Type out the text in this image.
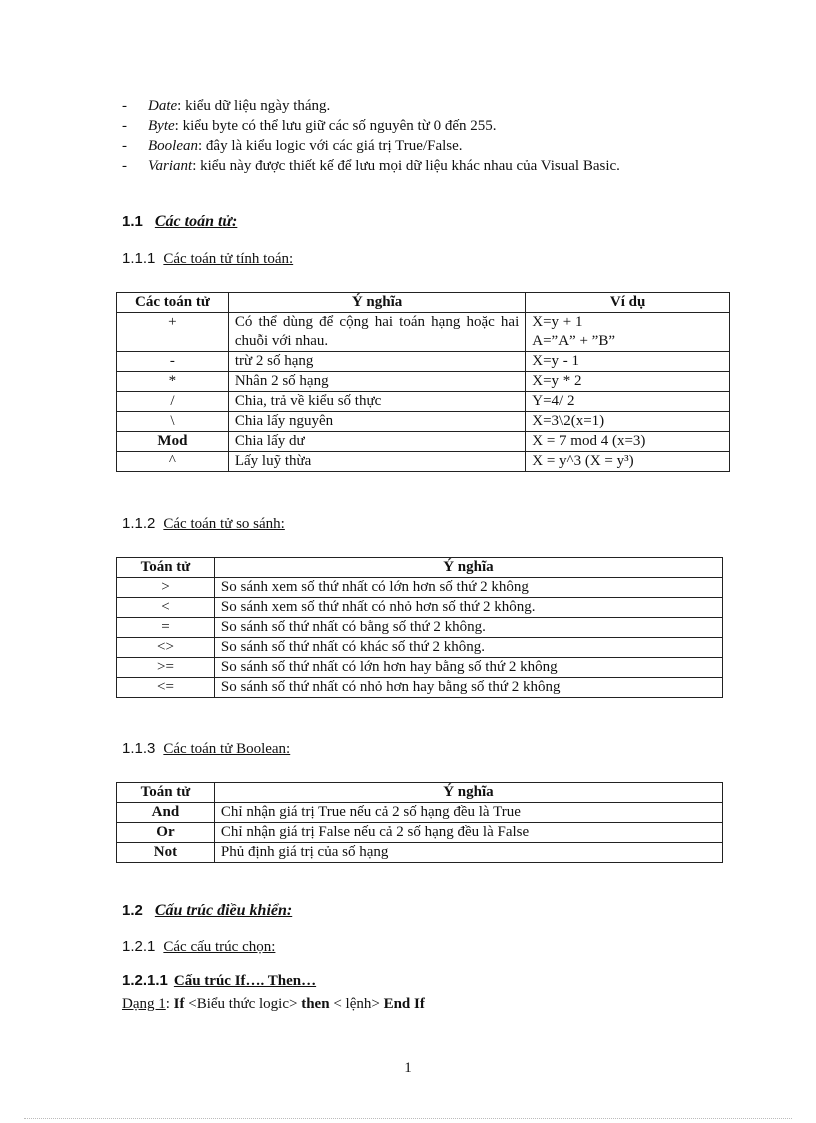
- Date: kiểu dữ liệu ngày tháng.
- Byte: kiểu byte có thể lưu giữ các số nguyên từ 0 đến 255.
- Boolean: đây là kiểu logic với các giá trị True/False.
- Variant: kiểu này được thiết kế để lưu mọi dữ liệu khác nhau của Visual Basic.
1.1 Các toán tử:
1.1.1 Các toán tử tính toán:
Các toán tử	Ý nghĩa	Ví dụ
+	Có thể dùng để cộng hai toán hạng hoặc hai chuỗi với nhau.	X=y + 1
A=”A” + ”B”
-	trừ 2 số hạng	X=y - 1
*	Nhân 2 số hạng	X=y * 2
/	Chia, trả về kiểu số thực	Y=4/ 2
\	Chia lấy nguyên	X=3\2(x=1)
Mod	Chia lấy dư	X = 7 mod 4 (x=3)
^	Lấy luỹ thừa	X = y^3 (X = y³)
1.1.2 Các toán tử so sánh:
Toán tử	Ý nghĩa
>	So sánh xem số thứ nhất có lớn hơn số thứ 2 không
<	So sánh xem số thứ nhất có nhỏ hơn số thứ 2 không.
=	So sánh số thứ nhất có bằng số thứ 2 không.
<>	So sánh số thứ nhất có khác số thứ 2 không.
>=	So sánh số thứ nhất có lớn hơn hay bằng số thứ 2 không
<=	So sánh số thứ nhất có nhỏ hơn hay bằng số thứ 2 không
1.1.3 Các toán tử Boolean:
Toán tử	Ý nghĩa
And	Chỉ nhận giá trị True nếu cả 2 số hạng đều là True
Or	Chỉ nhận giá trị False nếu cả 2 số hạng đều là False
Not	Phủ định giá trị của số hạng
1.2 Cấu trúc điều khiển:
1.2.1 Các cấu trúc chọn:
1.2.1.1 Cấu trúc If…. Then…
Dạng 1: If <Biểu thức logic> then < lệnh> End If
1
